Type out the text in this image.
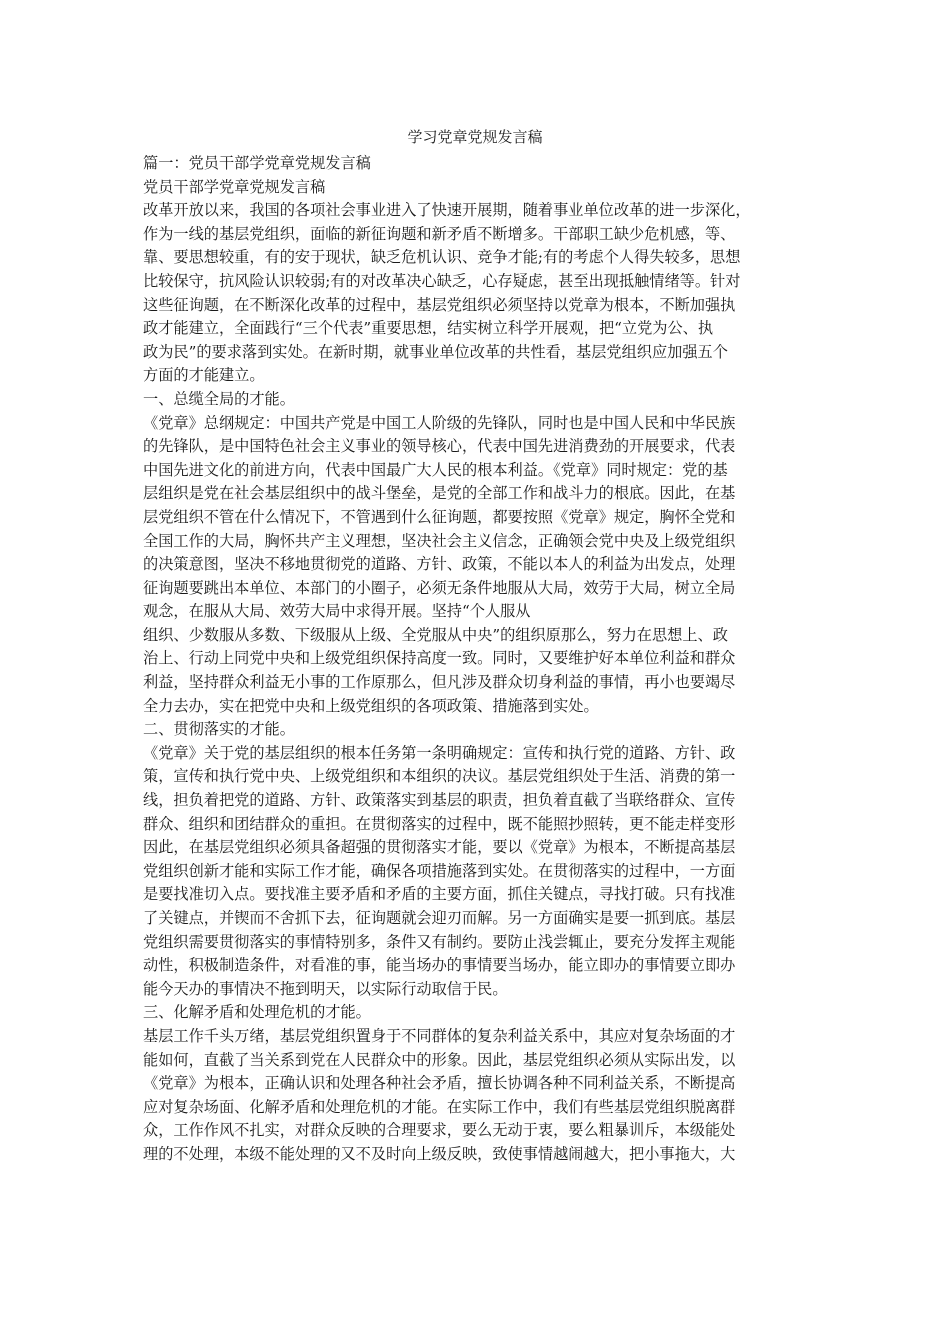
学习党章党规发言稿
篇一：党员干部学党章党规发言稿
党员干部学党章党规发言稿
改革开放以来，我国的各项社会事业进入了快速开展期，随着事业单位改革的进一步深化，
作为一线的基层党组织，面临的新征询题和新矛盾不断增多。干部职工缺少危机感，等、
靠、要思想较重，有的安于现状，缺乏危机认识、竞争才能;有的考虑个人得失较多，思想
比较保守，抗风险认识较弱;有的对改革决心缺乏，心存疑虑，甚至出现抵触情绪等。针对
这些征询题，在不断深化改革的过程中，基层党组织必须坚持以党章为根本，不断加强执
政才能建立，全面践行“三个代表”重要思想，结实树立科学开展观，把“立党为公、执
政为民”的要求落到实处。在新时期，就事业单位改革的共性看，基层党组织应加强五个
方面的才能建立。
一、总缆全局的才能。
《党章》总纲规定：中国共产党是中国工人阶级的先锋队，同时也是中国人民和中华民族
的先锋队，是中国特色社会主义事业的领导核心，代表中国先进消费劲的开展要求，代表
中国先进文化的前进方向，代表中国最广大人民的根本利益。《党章》同时规定：党的基
层组织是党在社会基层组织中的战斗堡垒，是党的全部工作和战斗力的根底。因此，在基
层党组织不管在什么情况下，不管遇到什么征询题，都要按照《党章》规定，胸怀全党和
全国工作的大局，胸怀共产主义理想，坚决社会主义信念，正确领会党中央及上级党组织
的决策意图，坚决不移地贯彻党的道路、方针、政策，不能以本人的利益为出发点，处理
征询题要跳出本单位、本部门的小圈子，必须无条件地服从大局，效劳于大局，树立全局
观念，在服从大局、效劳大局中求得开展。坚持“个人服从
组织、少数服从多数、下级服从上级、全党服从中央”的组织原那么，努力在思想上、政
治上、行动上同党中央和上级党组织保持高度一致。同时，又要维护好本单位利益和群众
利益，坚持群众利益无小事的工作原那么，但凡涉及群众切身利益的事情，再小也要竭尽
全力去办，实在把党中央和上级党组织的各项政策、措施落到实处。
二、贯彻落实的才能。
《党章》关于党的基层组织的根本任务第一条明确规定：宣传和执行党的道路、方针、政
策，宣传和执行党中央、上级党组织和本组织的决议。基层党组织处于生活、消费的第一
线，担负着把党的道路、方针、政策落实到基层的职责，担负着直截了当联络群众、宣传
群众、组织和团结群众的重担。在贯彻落实的过程中，既不能照抄照转，更不能走样变形
因此，在基层党组织必须具备超强的贯彻落实才能，要以《党章》为根本，不断提高基层
党组织创新才能和实际工作才能，确保各项措施落到实处。在贯彻落实的过程中，一方面
是要找准切入点。要找准主要矛盾和矛盾的主要方面，抓住关键点，寻找打破。只有找准
了关键点，并锲而不舍抓下去，征询题就会迎刃而解。另一方面确实是要一抓到底。基层
党组织需要贯彻落实的事情特别多，条件又有制约。要防止浅尝辄止，要充分发挥主观能
动性，积极制造条件，对看准的事，能当场办的事情要当场办，能立即办的事情要立即办
能今天办的事情决不拖到明天，以实际行动取信于民。
三、化解矛盾和处理危机的才能。
基层工作千头万绪，基层党组织置身于不同群体的复杂利益关系中，其应对复杂场面的才
能如何，直截了当关系到党在人民群众中的形象。因此，基层党组织必须从实际出发，以
《党章》为根本，正确认识和处理各种社会矛盾，擅长协调各种不同利益关系，不断提高
应对复杂场面、化解矛盾和处理危机的才能。在实际工作中，我们有些基层党组织脱离群
众，工作作风不扎实，对群众反映的合理要求，要么无动于衷，要么粗暴训斥，本级能处
理的不处理，本级不能处理的又不及时向上级反映，致使事情越闹越大，把小事拖大，大
